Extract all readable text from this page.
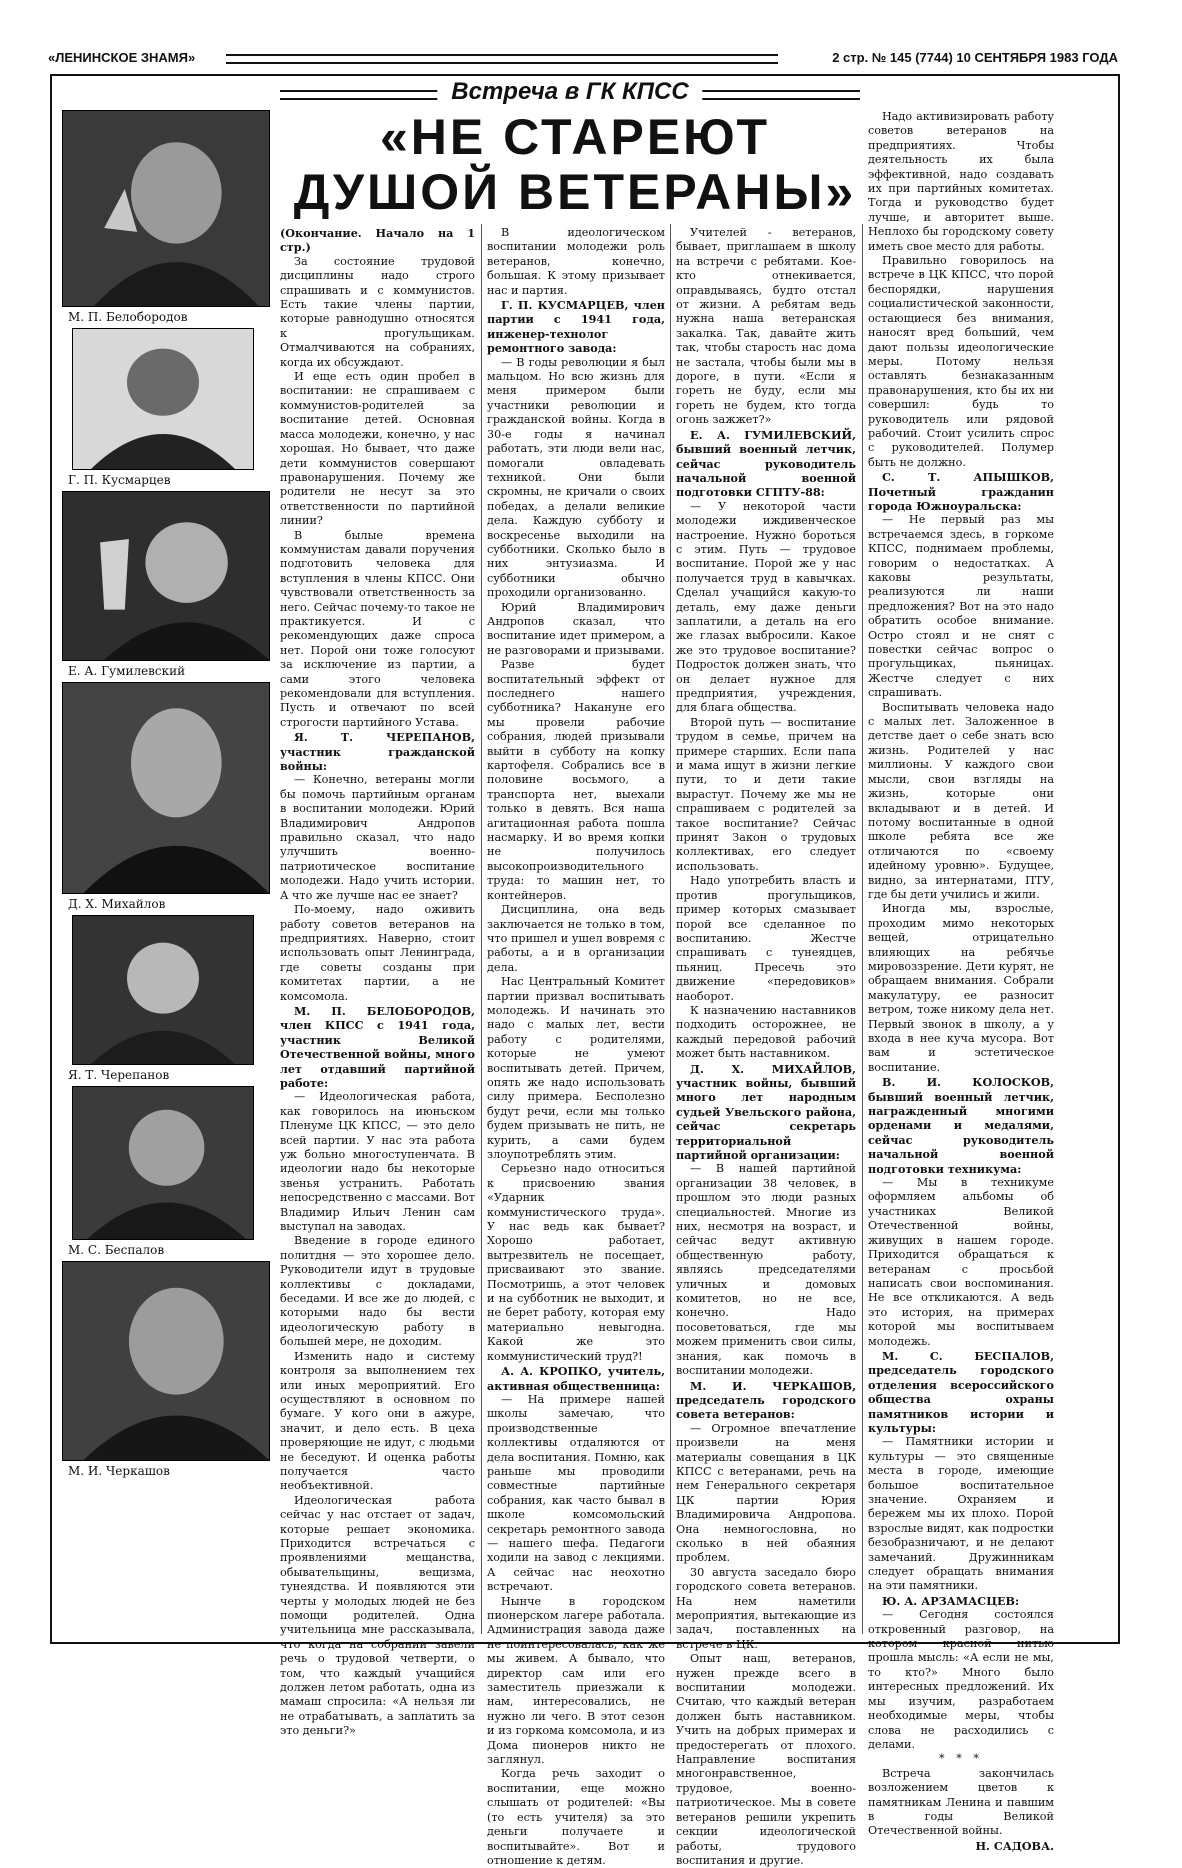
«ЛЕНИНСКОЕ ЗНАМЯ»	2 стр. № 145 (7744) 10 СЕНТЯБРЯ 1983 ГОДА
Встреча в ГК КПСС
«НЕ СТАРЕЮТ
ДУШОЙ ВЕТЕРАНЫ»
М. П. Белобородов
Г. П. Кусмарцев
Е. А. Гумилевский
Д. Х. Михайлов
Я. Т. Черепанов
М. С. Беспалов
М. И. Черкашов

(Окончание. Начало на 1 стр.)

За состояние трудовой дисциплины надо строго спрашивать и с коммунистов. Есть такие члены партии, которые равнодушно относятся к прогульщикам. Отмалчиваются на собраниях, когда их обсуждают.

И еще есть один пробел в воспитании: не спрашиваем с коммунистов-родителей за воспитание детей. Основная масса молодежи, конечно, у нас хорошая. Но бывает, что даже дети коммунистов совершают правонарушения. Почему же родители не несут за это ответственности по партийной линии?

В былые времена коммунистам давали поручения подготовить человека для вступления в члены КПСС. Они чувствовали ответственность за него. Сейчас почему-то такое не практикуется. И с рекомендующих даже спроса нет. Порой они тоже голосуют за исключение из партии, а сами этого человека рекомендовали для вступления. Пусть и отвечают по всей строгости партийного Устава.

Я. Т. ЧЕРЕПАНОВ, участник гражданской войны:

— Конечно, ветераны могли бы помочь партийным органам в воспитании молодежи. Юрий Владимирович Андропов правильно сказал, что надо улучшить военно-патриотическое воспитание молодежи. Надо учить истории. А что же лучше нас ее знает?

По-моему, надо оживить работу советов ветеранов на предприятиях. Наверно, стоит использовать опыт Ленинграда, где советы созданы при комитетах партии, а не комсомола.

М. П. БЕЛОБОРОДОВ, член КПСС с 1941 года, участник Великой Отечественной войны, много лет отдавший партийной работе:

— Идеологическая работа, как говорилось на июньском Пленуме ЦК КПСС, — это дело всей партии. У нас эта работа уж больно многоступенчата. В идеологии надо бы некоторые звенья устранить. Работать непосредственно с массами. Вот Владимир Ильич Ленин сам выступал на заводах.

Введение в городе единого политдня — это хорошее дело. Руководители идут в трудовые коллективы с докладами, беседами. И все же до людей, с которыми надо бы вести идеологическую работу в большей мере, не доходим.

Изменить надо и систему контроля за выполнением тех или иных мероприятий. Его осуществляют в основном по бумаге. У кого они в ажуре, значит, и дело есть. В цеха проверяющие не идут, с людьми не беседуют. И оценка работы получается часто необъективной.

Идеологическая работа сейчас у нас отстает от задач, которые решает экономика. Приходится встречаться с проявлениями мещанства, обывательщины, вещизма, тунеядства. И появляются эти черты у молодых людей не без помощи родителей. Одна учительница мне рассказывала, что когда на собрании завели речь о трудовой четверти, о том, что каждый учащийся должен летом работать, одна из мамаш спросила: «А нельзя ли не отрабатывать, а заплатить за это деньги?»

В идеологическом воспитании молодежи роль ветеранов, конечно, большая. К этому призывает нас и партия.

Г. П. КУСМАРЦЕВ, член партии с 1941 года, инженер-технолог ремонтного завода:

— В годы революции я был мальцом. Но всю жизнь для меня примером были участники революции и гражданской войны. Когда в 30-е годы я начинал работать, эти люди вели нас, помогали овладевать техникой. Они были скромны, не кричали о своих победах, а делали великие дела. Каждую субботу и воскресенье выходили на субботники. Сколько было в них энтузиазма. И субботники обычно проходили организованно.

Юрий Владимирович Андропов сказал, что воспитание идет примером, а не разговорами и призывами.

Разве будет воспитательный эффект от последнего нашего субботника? Накануне его мы провели рабочие собрания, людей призывали выйти в субботу на копку картофеля. Собрались все в половине восьмого, а транспорта нет, выехали только в девять. Вся наша агитационная работа пошла насмарку. И во время копки не получилось высокопроизводительного труда: то машин нет, то контейнеров.

Дисциплина, она ведь заключается не только в том, что пришел и ушел вовремя с работы, а и в организации дела.

Нас Центральный Комитет партии призвал воспитывать молодежь. И начинать это надо с малых лет, вести работу с родителями, которые не умеют воспитывать детей. Причем, опять же надо использовать силу примера. Бесполезно будут речи, если мы только будем призывать не пить, не курить, а сами будем злоупотреблять этим.

Серьезно надо относиться к присвоению звания «Ударник коммунистического труда». У нас ведь как бывает? Хорошо работает, вытрезвитель не посещает, присваивают это звание. Посмотришь, а этот человек и на субботник не выходит, и не берет работу, которая ему материально невыгодна. Какой же это коммунистический труд?!

А. А. КРОПКО, учитель, активная общественница:

— На примере нашей школы замечаю, что производственные коллективы отдаляются от дела воспитания. Помню, как раньше мы проводили совместные партийные собрания, как часто бывал в школе комсомольский секретарь ремонтного завода — нашего шефа. Педагоги ходили на завод с лекциями. А сейчас нас неохотно встречают.

Нынче в городском пионерском лагере работала. Администрация завода даже не поинтересовалась, как же мы живем. А бывало, что директор сам или его заместитель приезжали к нам, интересовались, не нужно ли чего. В этот сезон и из горкома комсомола, и из Дома пионеров никто не заглянул.

Когда речь заходит о воспитании, еще можно слышать от родителей: «Вы (то есть учителя) за это деньги получаете и воспитывайте». Вот и отношение к детям.

Учителей - ветеранов, бывает, приглашаем в школу на встречи с ребятами. Кое-кто отнекивается, оправдываясь, будто отстал от жизни. А ребятам ведь нужна наша ветеранская закалка. Так, давайте жить так, чтобы старость нас дома не застала, чтобы были мы в дороге, в пути. «Если я гореть не буду, если мы гореть не будем, кто тогда огонь зажжет?»

Е. А. ГУМИЛЕВСКИЙ, бывший военный летчик, сейчас руководитель начальной военной подготовки СГПТУ-88:

— У некоторой части молодежи иждивенческое настроение. Нужно бороться с этим. Путь — трудовое воспитание. Порой же у нас получается труд в кавычках. Сделал учащийся какую-то деталь, ему даже деньги заплатили, а деталь на его же глазах выбросили. Какое же это трудовое воспитание? Подросток должен знать, что он делает нужное для предприятия, учреждения, для блага общества.

Второй путь — воспитание трудом в семье, причем на примере старших. Если папа и мама ищут в жизни легкие пути, то и дети такие вырастут. Почему же мы не спрашиваем с родителей за такое воспитание? Сейчас принят Закон о трудовых коллективах, его следует использовать.

Надо употребить власть и против прогульщиков, пример которых смазывает порой все сделанное по воспитанию. Жестче спрашивать с тунеядцев, пьяниц. Пресечь это движение «передовиков» наоборот.

К назначению наставников подходить осторожнее, не каждый передовой рабочий может быть наставником.

Д. Х. МИХАЙЛОВ, участник войны, бывший много лет народным судьей Увельского района, сейчас секретарь территориальной партийной организации:

— В нашей партийной организации 38 человек, в прошлом это люди разных специальностей. Многие из них, несмотря на возраст, и сейчас ведут активную общественную работу, являясь председателями уличных и домовых комитетов, но не все, конечно. Надо посоветоваться, где мы можем применить свои силы, знания, как помочь в воспитании молодежи.

М. И. ЧЕРКАШОВ, председатель городского совета ветеранов:

— Огромное впечатление произвели на меня материалы совещания в ЦК КПСС с ветеранами, речь на нем Генерального секретаря ЦК партии Юрия Владимировича Андропова. Она немногословна, но сколько в ней обаяния проблем.

30 августа заседало бюро городского совета ветеранов. На нем наметили мероприятия, вытекающие из задач, поставленных на встрече в ЦК.

Опыт наш, ветеранов, нужен прежде всего в воспитании молодежи. Считаю, что каждый ветеран должен быть наставником. Учить на добрых примерах и предостерегать от плохого. Направление воспитания многонравственное, трудовое, военно-патриотическое. Мы в совете ветеранов решили укрепить секции идеологической работы, трудового воспитания и другие.

Надо активизировать работу советов ветеранов на предприятиях. Чтобы деятельность их была эффективной, надо создавать их при партийных комитетах. Тогда и руководство будет лучше, и авторитет выше. Неплохо бы городскому совету иметь свое место для работы.

Правильно говорилось на встрече в ЦК КПСС, что порой беспорядки, нарушения социалистической законности, остающиеся без внимания, наносят вред больший, чем дают пользы идеологические меры. Потому нельзя оставлять безнаказанным правонарушения, кто бы их ни совершил: будь то руководитель или рядовой рабочий. Стоит усилить спрос с руководителей. Полумер быть не должно.

С. Т. АПЫШКОВ, Почетный гражданин города Южноуральска:

— Не первый раз мы встречаемся здесь, в горкоме КПСС, поднимаем проблемы, говорим о недостатках. А каковы результаты, реализуются ли наши предложения? Вот на это надо обратить особое внимание. Остро стоял и не снят с повестки сейчас вопрос о прогульщиках, пьяницах. Жестче следует с них спрашивать.

Воспитывать человека надо с малых лет. Заложенное в детстве дает о себе знать всю жизнь. Родителей у нас миллионы. У каждого свои мысли, свои взгляды на жизнь, которые они вкладывают и в детей. И потому воспитанные в одной школе ребята все же отличаются по «своему идейному уровню». Будущее, видно, за интернатами, ПТУ, где бы дети учились и жили.

Иногда мы, взрослые, проходим мимо некоторых вещей, отрицательно влияющих на ребячье мировоззрение. Дети курят, не обращаем внимания. Собрали макулатуру, ее разносит ветром, тоже никому дела нет. Первый звонок в школу, а у входа в нее куча мусора. Вот вам и эстетическое воспитание.

В. И. КОЛОСКОВ, бывший военный летчик, награжденный многими орденами и медалями, сейчас руководитель начальной военной подготовки техникума:

— Мы в техникуме оформляем альбомы об участниках Великой Отечественной войны, живущих в нашем городе. Приходится обращаться к ветеранам с просьбой написать свои воспоминания. Не все откликаются. А ведь это история, на примерах которой мы воспитываем молодежь.

М. С. БЕСПАЛОВ, председатель городского отделения всероссийского общества охраны памятников истории и культуры:

— Памятники истории и культуры — это священные места в городе, имеющие большое воспитательное значение. Охраняем и бережем мы их плохо. Порой взрослые видят, как подростки безобразничают, и не делают замечаний. Дружинникам следует обращать внимания на эти памятники.

Ю. А. АРЗАМАСЦЕВ:

— Сегодня состоялся откровенный разговор, на котором красной нитью прошла мысль: «А если не мы, то кто?» Много было интересных предложений. Их мы изучим, разработаем необходимые меры, чтобы слова не расходились с делами.

* * *

Встреча закончилась возложением цветов к памятникам Ленина и павшим в годы Великой Отечественной войны.

Н. САДОВА.
